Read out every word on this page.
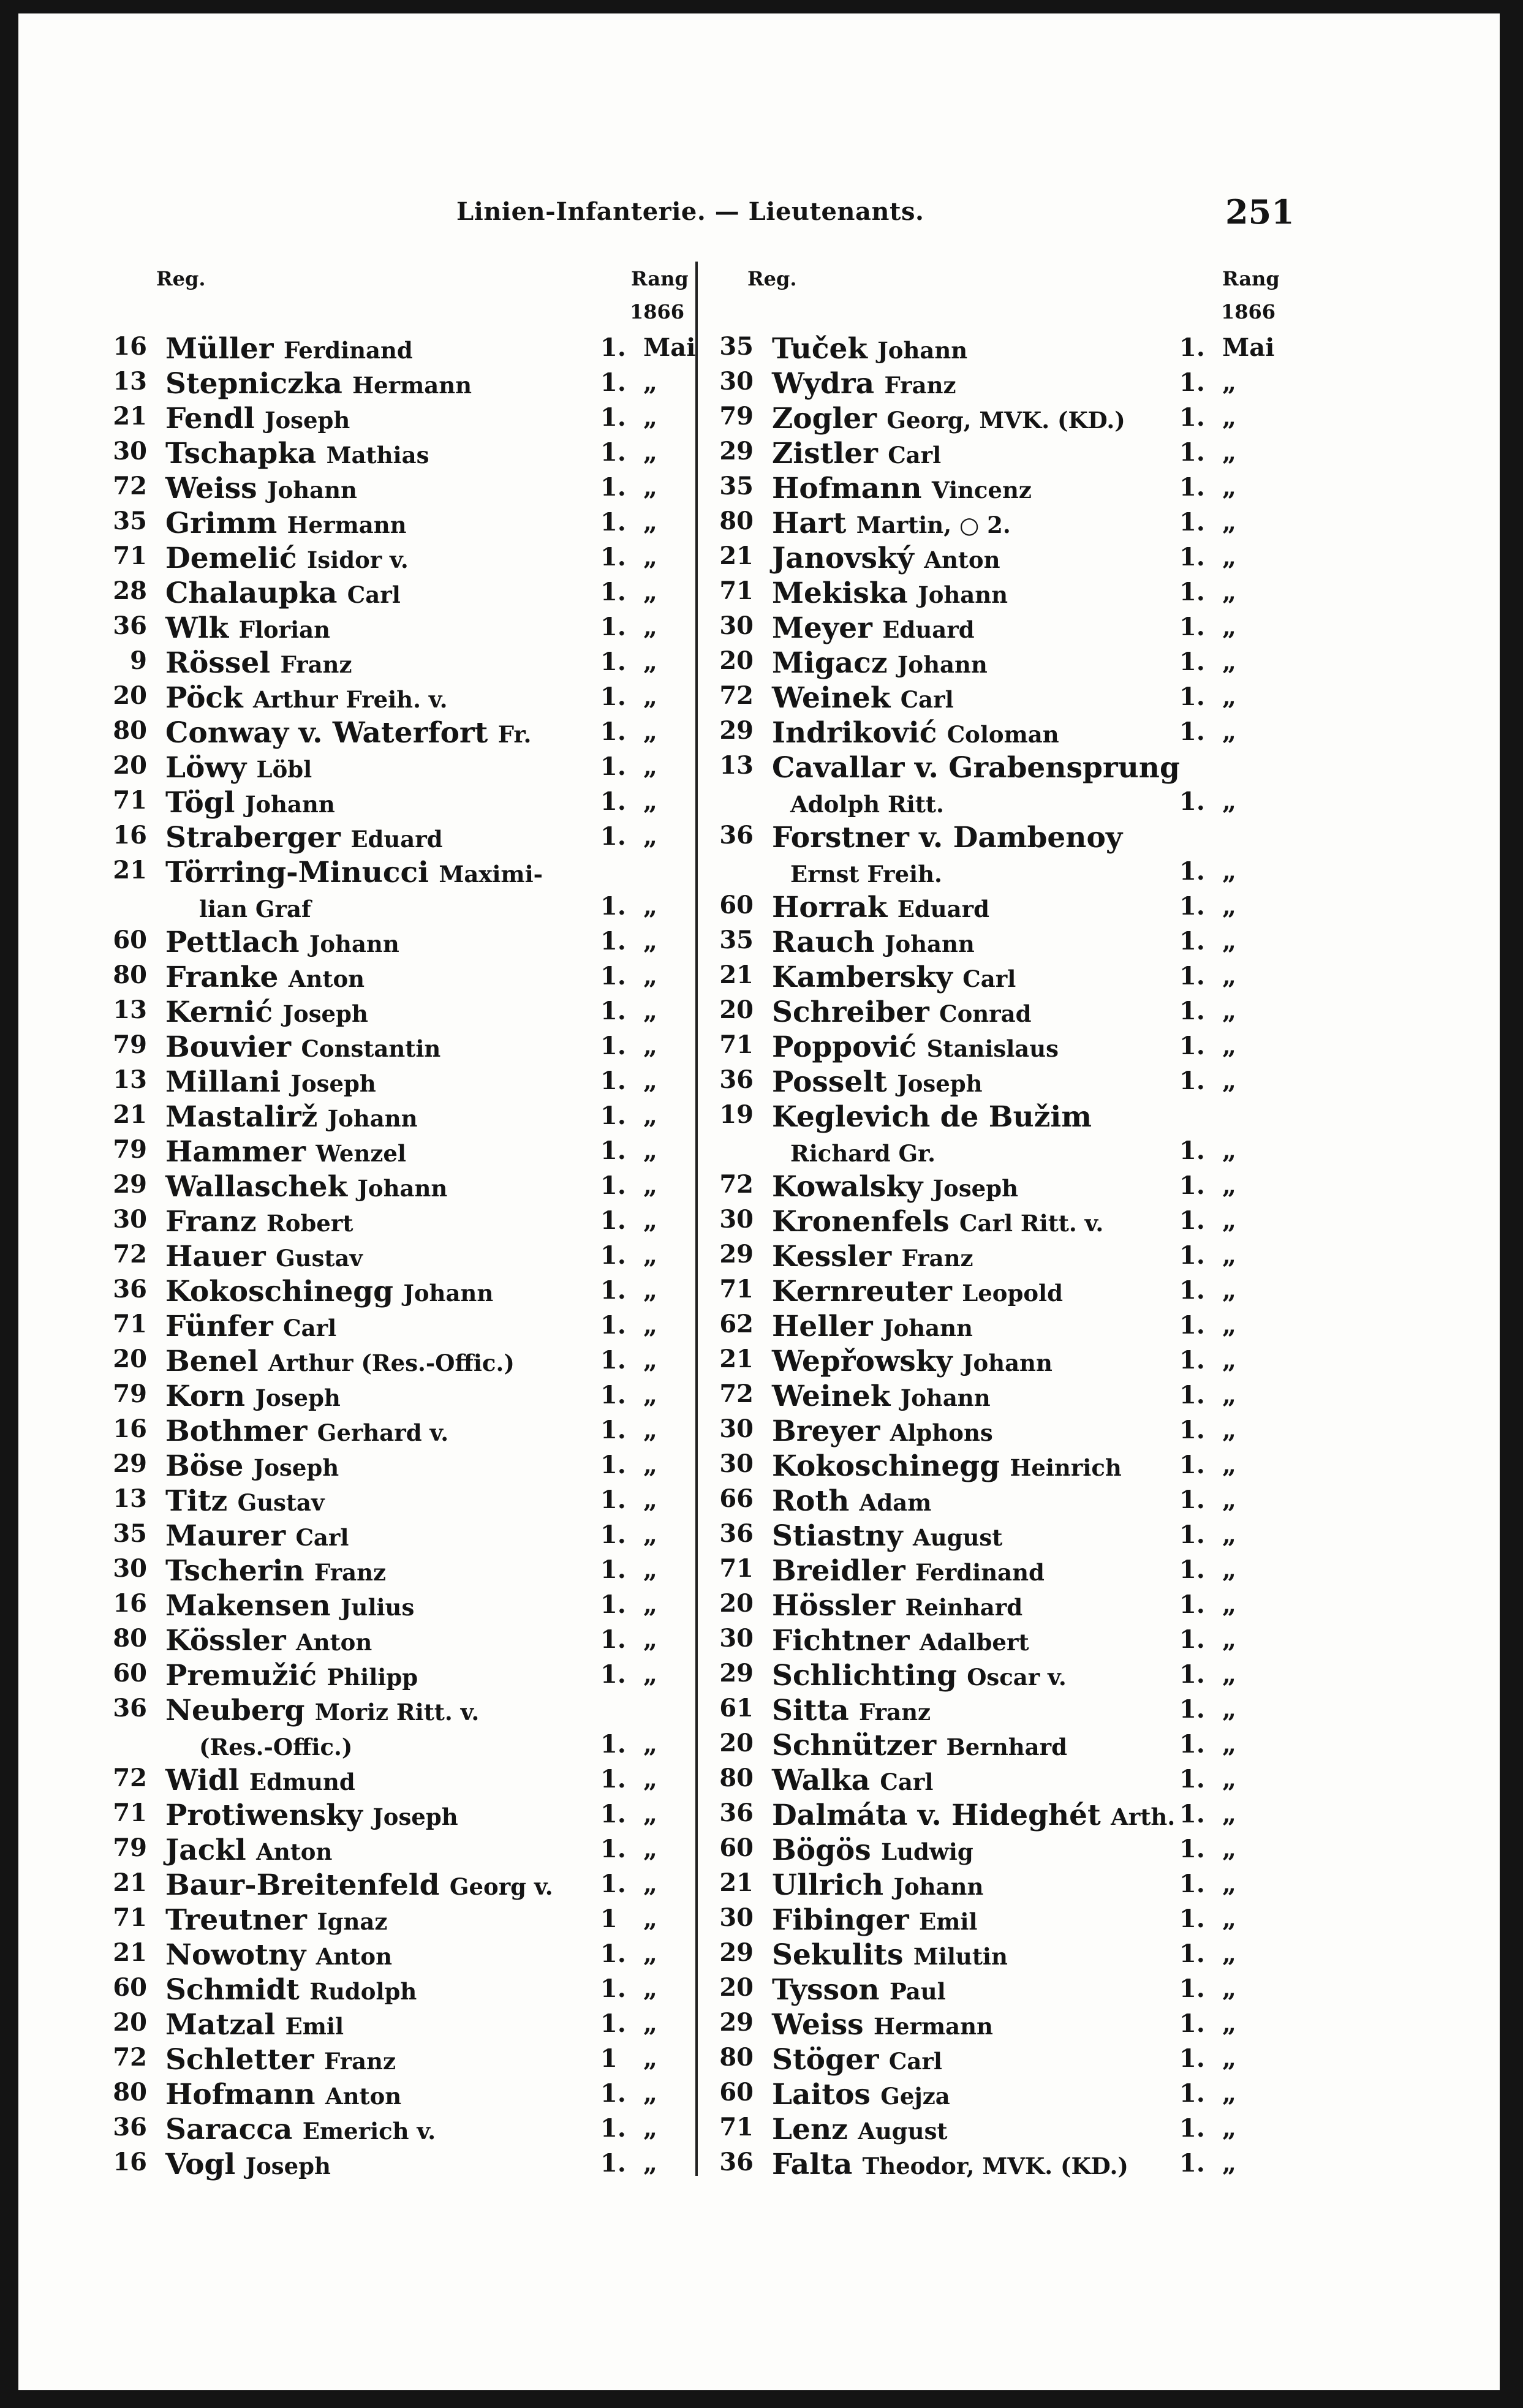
Linien-Infanterie. — Lieutenants.	251
Reg.	Rang
1866
Reg.	Rang
1866
16 Müller Ferdinand	1. Mai
13 Stepniczka Hermann	1. „
21 Fendl Joseph	1. „
30 Tschapka Mathias	1. „
72 Weiss Johann	1. „
35 Grimm Hermann	1. „
71 Demelić Isidor v.	1. „
28 Chalaupka Carl	1. „
36 Wlk Florian	1. „
9 Rössel Franz	1. „
20 Pöck Arthur Freih. v.	1. „
80 Conway v. Waterfort Fr.	1. „
20 Löwy Löbl	1. „
71 Tögl Johann	1. „
16 Straberger Eduard	1. „
21 Törring-Minucci Maximi-
lian Graf	1. „
60 Pettlach Johann	1. „
80 Franke Anton	1. „
13 Kernić Joseph	1. „
79 Bouvier Constantin	1. „
13 Millani Joseph	1. „
21 Mastalirž Johann	1. „
79 Hammer Wenzel	1. „
29 Wallaschek Johann	1. „
30 Franz Robert	1. „
72 Hauer Gustav	1. „
36 Kokoschinegg Johann	1. „
71 Fünfer Carl	1. „
20 Benel Arthur (Res.-Offic.)	1. „
79 Korn Joseph	1. „
16 Bothmer Gerhard v.	1. „
29 Böse Joseph	1. „
13 Titz Gustav	1. „
35 Maurer Carl	1. „
30 Tscherin Franz	1. „
16 Makensen Julius	1. „
80 Kössler Anton	1. „
60 Premužić Philipp	1. „
36 Neuberg Moriz Ritt. v.
(Res.-Offic.)	1. „
72 Widl Edmund	1. „
71 Protiwensky Joseph	1. „
79 Jackl Anton	1. „
21 Baur-Breitenfeld Georg v. 1. „
71 Treutner Ignaz	1 „
21 Nowotny Anton	1. „
60 Schmidt Rudolph	1. „
20 Matzal Emil	1. „
72 Schletter Franz	1 „
80 Hofmann Anton	1. „
36 Saracca Emerich v.	1. „
16 Vogl Joseph	1. „
35 Tuček Johann	1. Mai
30 Wydra Franz	1. „
79 Zogler Georg, MVK. (KD.) 1. „
29 Zistler Carl	1. „
35 Hofmann Vincenz	1. „
80 Hart Martin, ○ 2.	1. „
21 Janovský Anton	1. „
71 Mekiska Johann	1. „
30 Meyer Eduard	1. „
20 Migacz Johann	1. „
72 Weinek Carl	1. „
29 Indriković Coloman	1. „
13 Cavallar v. Grabensprung
Adolph Ritt.	1. „
36 Forstner v. Dambenoy
Ernst Freih.	1. „
60 Horrak Eduard	1. „
35 Rauch Johann	1. „
21 Kambersky Carl	1. „
20 Schreiber Conrad	1. „
71 Poppović Stanislaus	1. „
36 Posselt Joseph	1. „
19 Keglevich de Bužim
Richard Gr.	1. „
72 Kowalsky Joseph	1. „
30 Kronenfels Carl Ritt. v.	1. „
29 Kessler Franz	1. „
71 Kernreuter Leopold	1. „
62 Heller Johann	1. „
21 Wepřowsky Johann	1. „
72 Weinek Johann	1. „
30 Breyer Alphons	1. „
30 Kokoschinegg Heinrich 1. „
66 Roth Adam	1. „
36 Stiastny August	1. „
71 Breidler Ferdinand	1. „
20 Hössler Reinhard	1. „
30 Fichtner Adalbert	1. „
29 Schlichting Oscar v.	1. „
61 Sitta Franz	1. „
20 Schnützer Bernhard	1. „
80 Walka Carl	1. „
36 Dalmáta v. Hideghét Arth. 1. „
60 Bögös Ludwig	1. „
21 Ullrich Johann	1. „
30 Fibinger Emil	1. „
29 Sekulits Milutin	1. „
20 Tysson Paul	1. „
29 Weiss Hermann	1. „
80 Stöger Carl	1. „
60 Laitos Gejza	1. „
71 Lenz August	1. „
36 Falta Theodor, MVK. (KD.) 1. „
